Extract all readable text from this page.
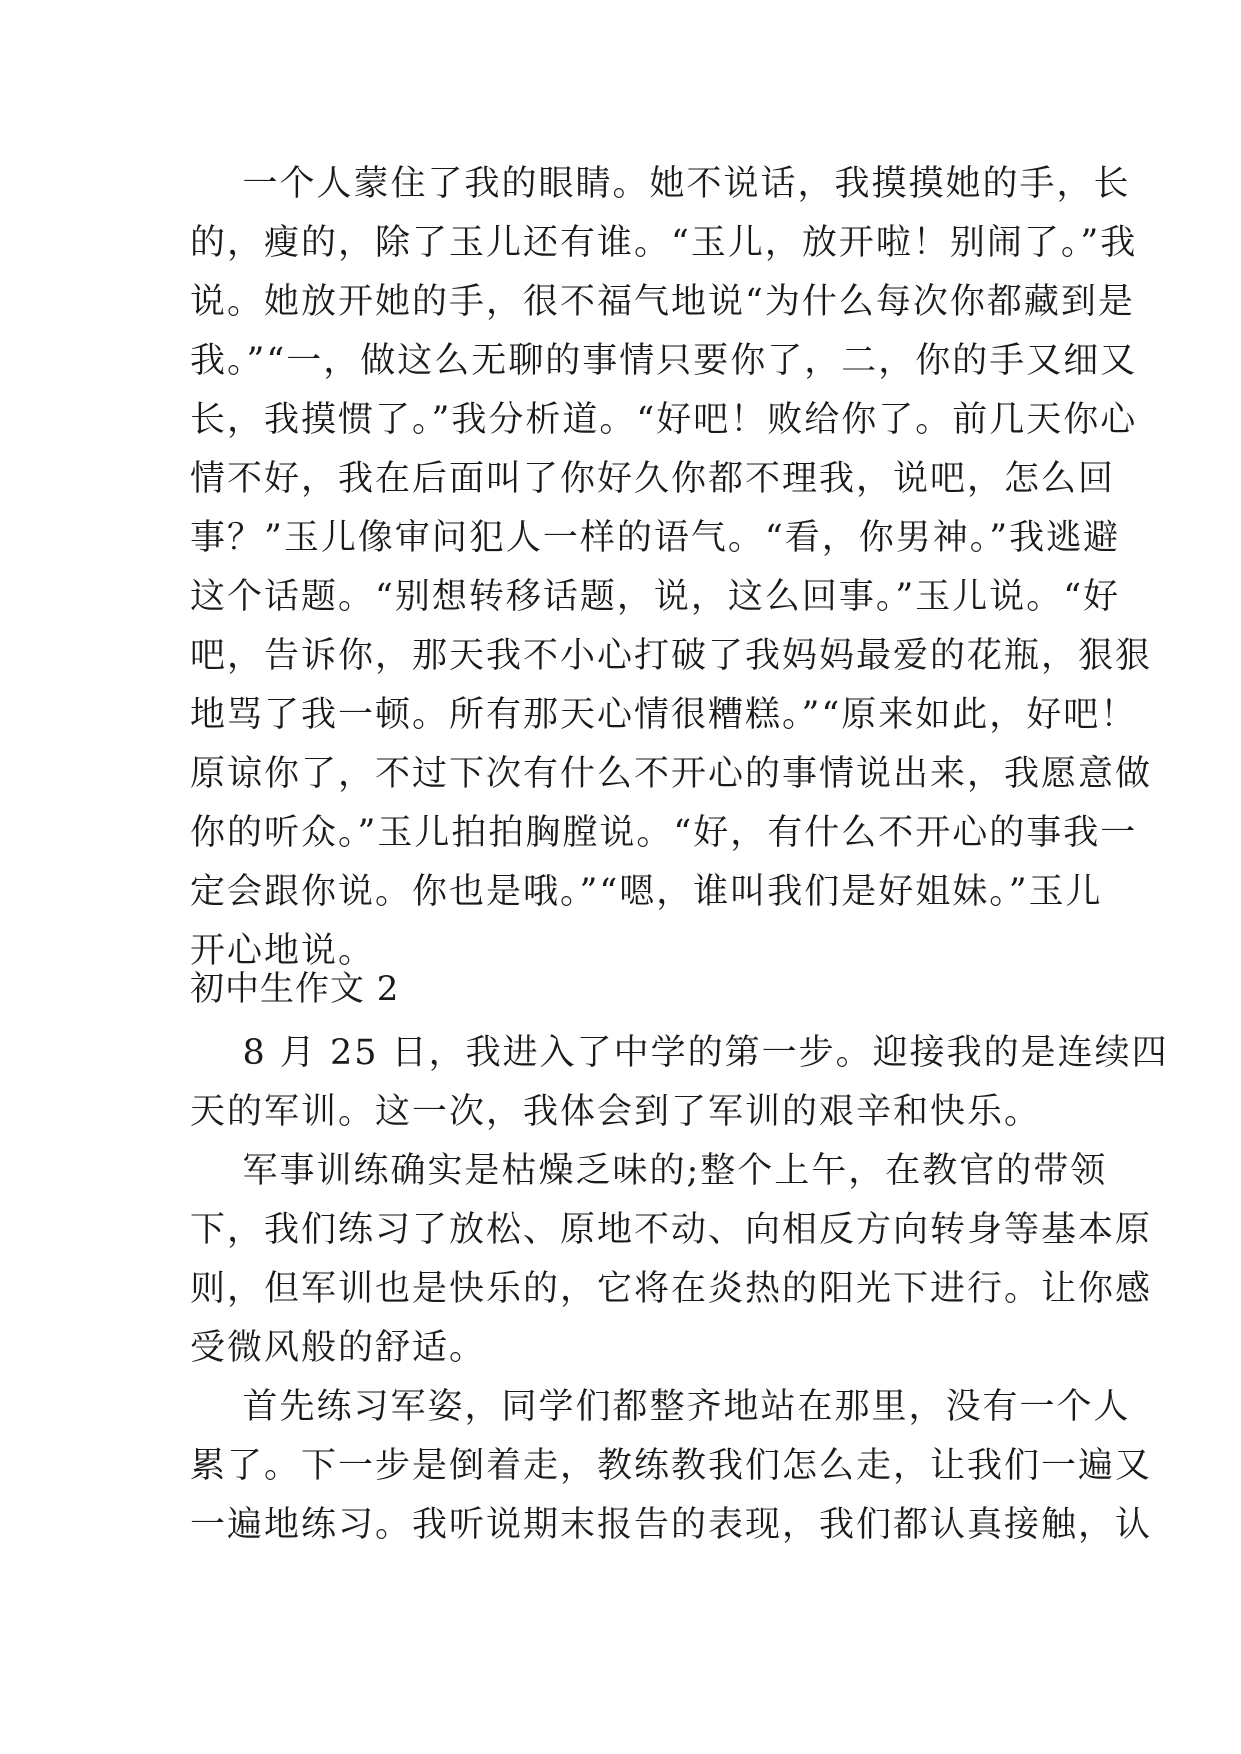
一个人蒙住了我的眼睛。她不说话，我摸摸她的手，长
的，瘦的，除了玉儿还有谁。“玉儿，放开啦！别闹了。”我
说。她放开她的手，很不福气地说“为什么每次你都藏到是
我。”“一，做这么无聊的事情只要你了，二，你的手又细又
长，我摸惯了。”我分析道。“好吧！败给你了。前几天你心
情不好，我在后面叫了你好久你都不理我，说吧，怎么回
事？”玉儿像审问犯人一样的语气。“看，你男神。”我逃避
这个话题。“别想转移话题，说，这么回事。”玉儿说。“好
吧，告诉你，那天我不小心打破了我妈妈最爱的花瓶，狠狠
地骂了我一顿。所有那天心情很糟糕。”“原来如此，好吧！
原谅你了，不过下次有什么不开心的事情说出来，我愿意做
你的听众。”玉儿拍拍胸膛说。“好，有什么不开心的事我一
定会跟你说。你也是哦。”“嗯，谁叫我们是好姐妹。”玉儿
开心地说。
初中生作文 2
8 月 25 日，我进入了中学的第一步。迎接我的是连续四
天的军训。这一次，我体会到了军训的艰辛和快乐。
军事训练确实是枯燥乏味的;整个上午，在教官的带领
下，我们练习了放松、原地不动、向相反方向转身等基本原
则，但军训也是快乐的，它将在炎热的阳光下进行。让你感
受微风般的舒适。
首先练习军姿，同学们都整齐地站在那里，没有一个人
累了。下一步是倒着走，教练教我们怎么走，让我们一遍又
一遍地练习。我听说期末报告的表现，我们都认真接触，认
